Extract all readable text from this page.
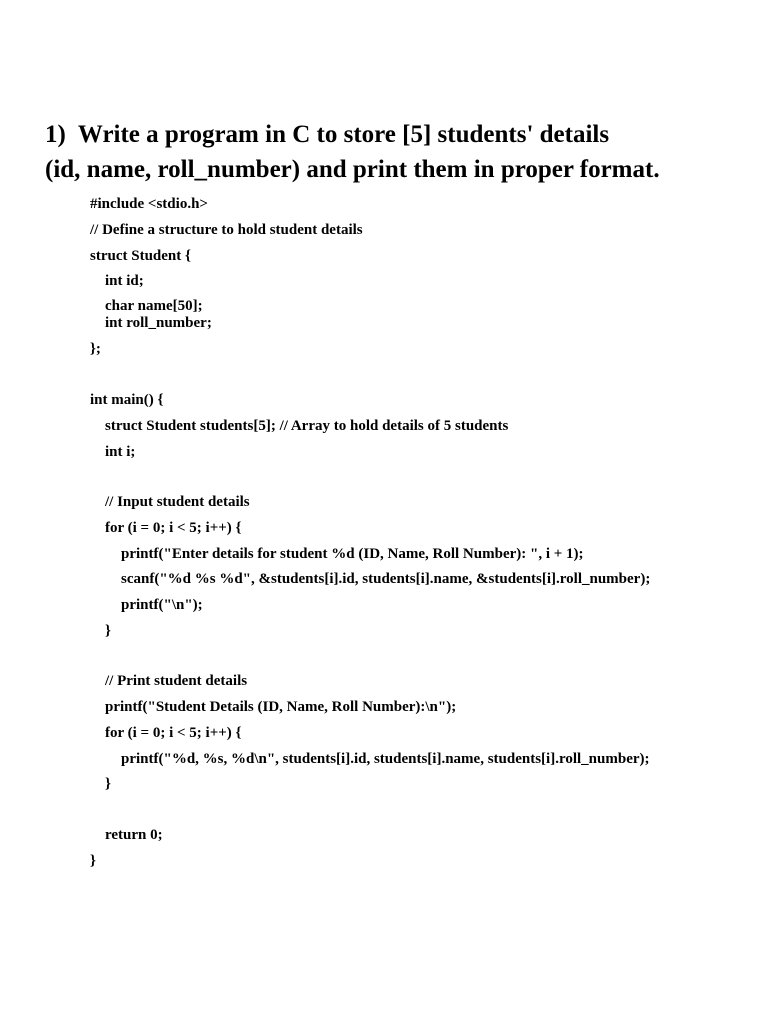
1) Write a program in C to store [5] students' details
(id, name, roll_number) and print them in proper format.
#include <stdio.h>
// Define a structure to hold student details
struct Student {
int id;
char name[50];
int roll_number;
};
int main() {
struct Student students[5]; // Array to hold details of 5 students
int i;
// Input student details
for (i = 0; i < 5; i++) {
printf("Enter details for student %d (ID, Name, Roll Number): ", i + 1);
scanf("%d %s %d", &students[i].id, students[i].name, &students[i].roll_number);
printf("\n");
}
// Print student details
printf("Student Details (ID, Name, Roll Number):\n");
for (i = 0; i < 5; i++) {
printf("%d, %s, %d\n", students[i].id, students[i].name, students[i].roll_number);
}
return 0;
}
